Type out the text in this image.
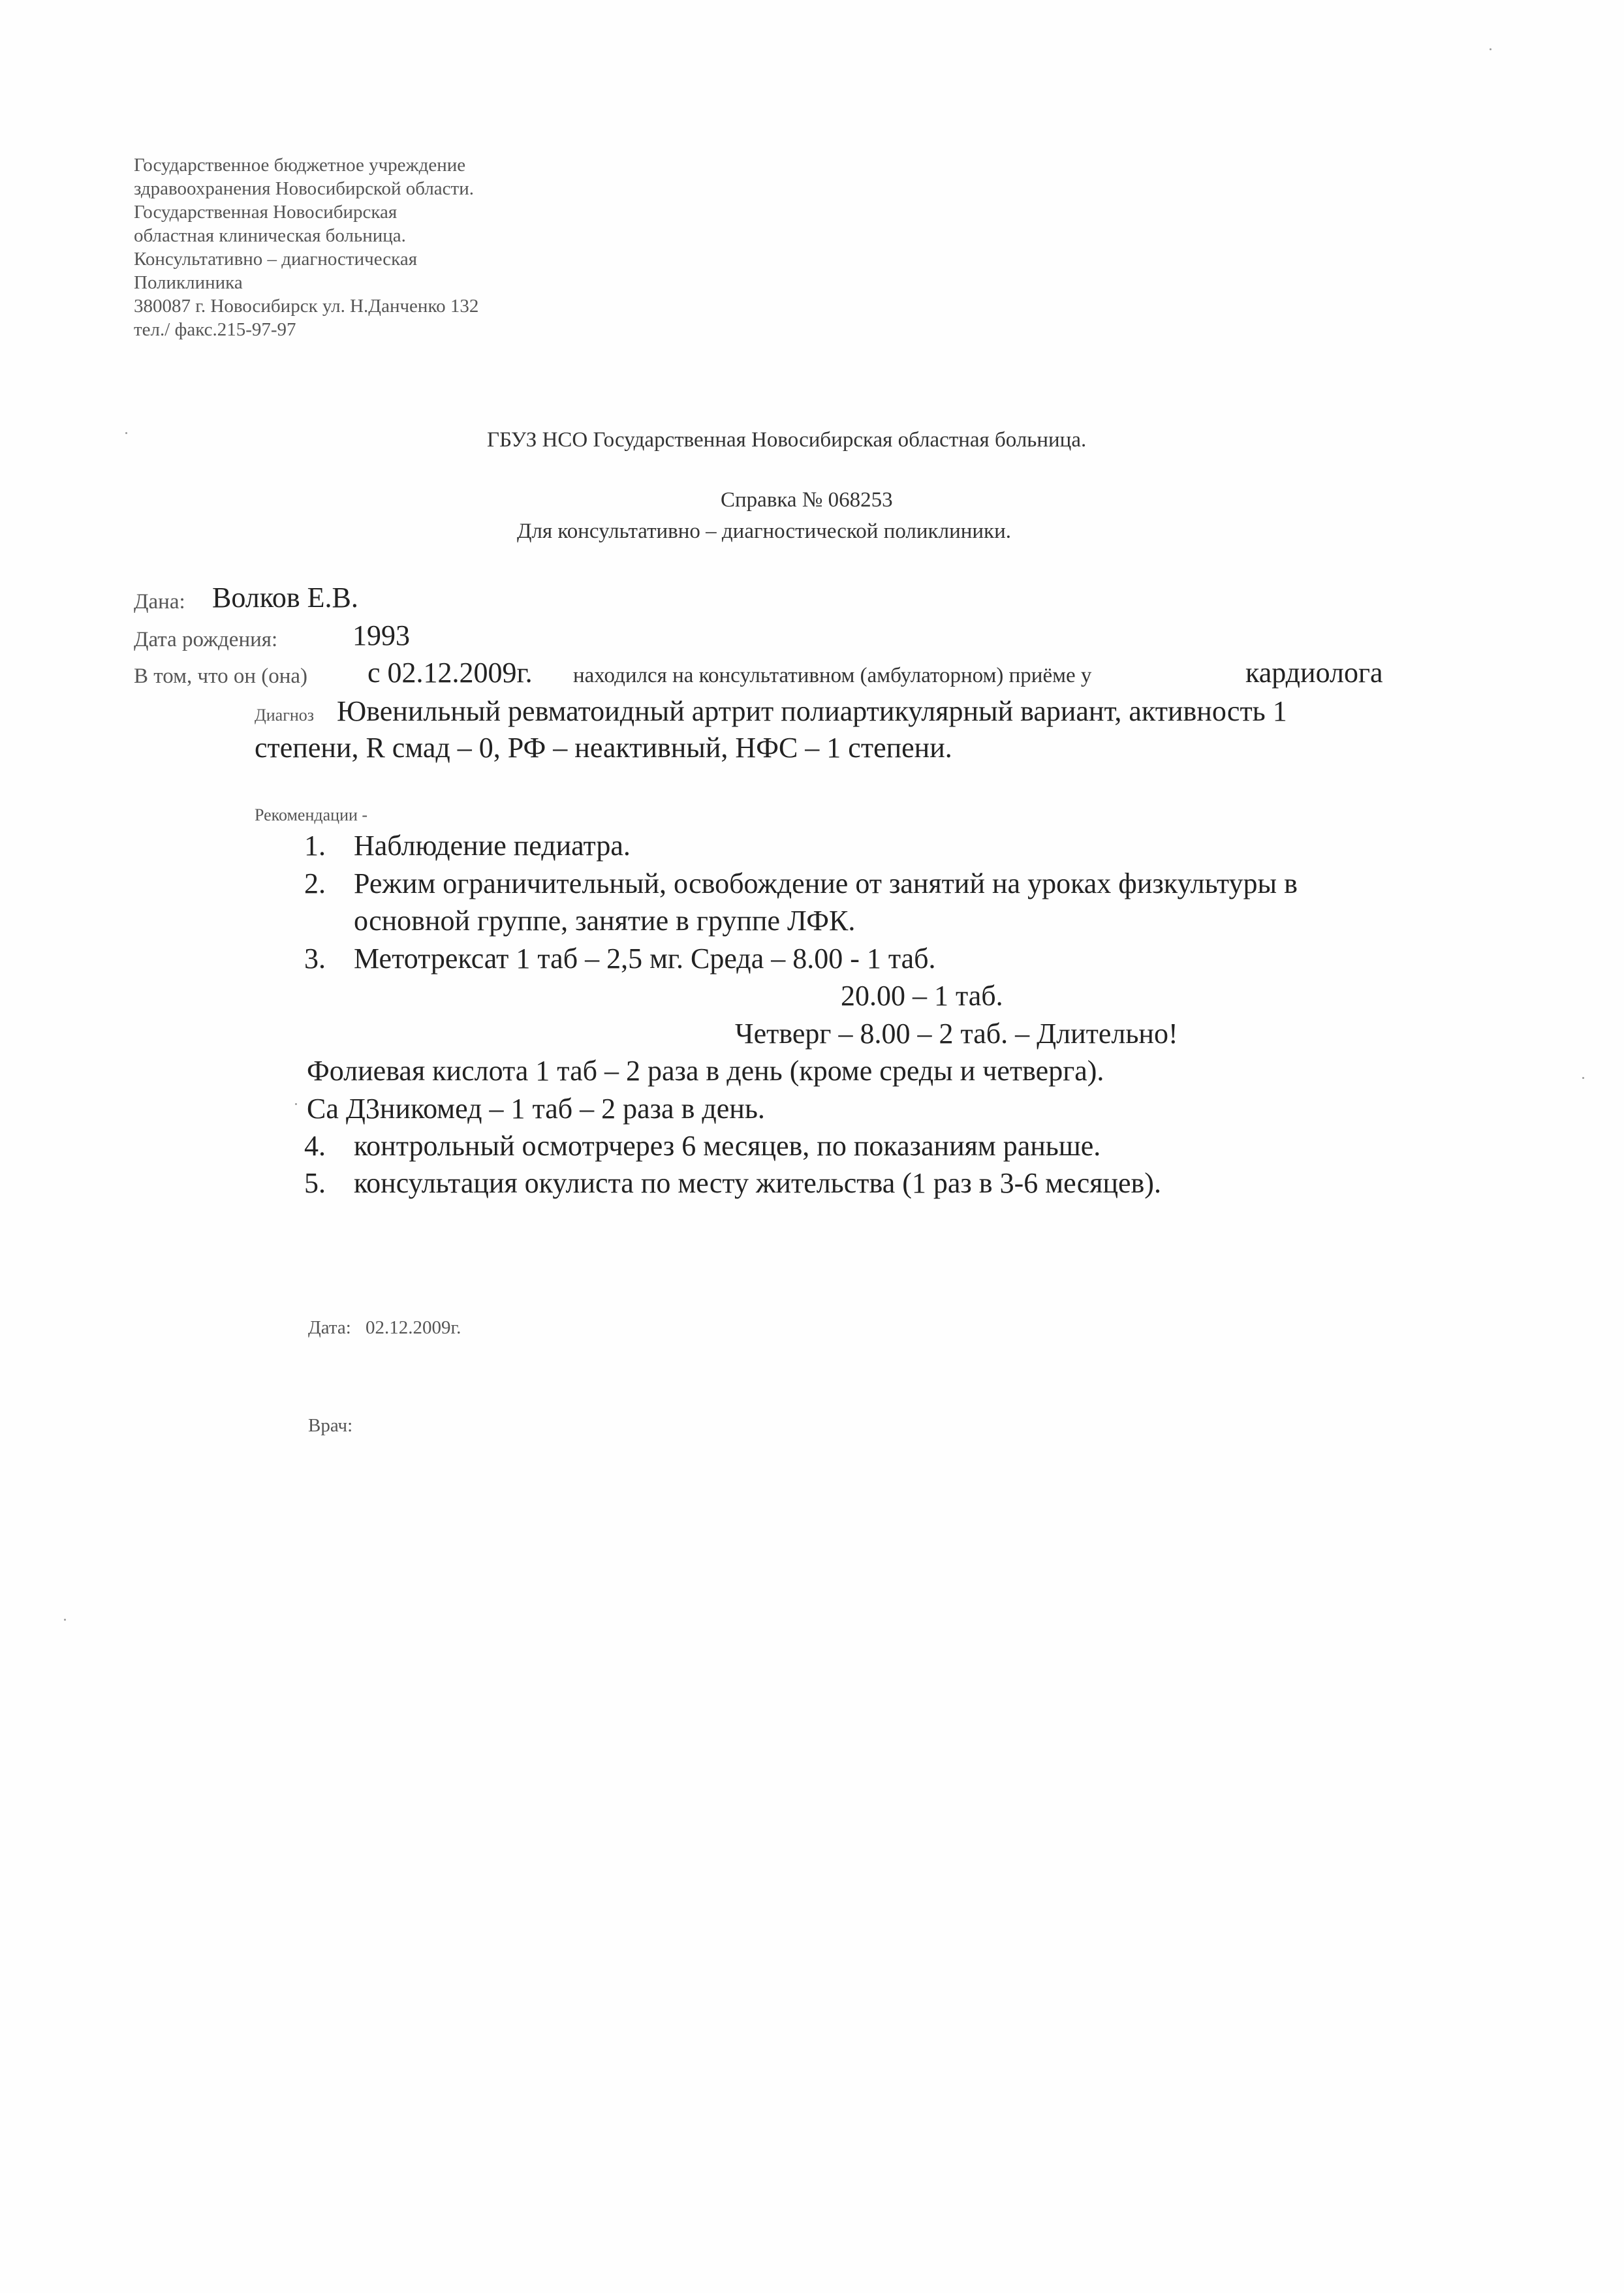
Государственное бюджетное учреждение
здравоохранения Новосибирской области.
Государственная Новосибирская
областная клиническая больница.
Консультативно – диагностическая
Поликлиника
380087 г. Новосибирск ул. Н.Данченко 132
тел./ факс.215-97-97
ГБУЗ НСО Государственная Новосибирская областная больница.
Справка № 068253
Для консультативно – диагностической поликлиники.
Дана: Волков Е.В.
Дата рождения:	1993
В том, что он (она) с 02.12.2009г. находился на консультативном (амбулаторном) приёме у	кардиолога
Диагноз Ювенильный ревматоидный артрит полиартикулярный вариант, активность 1
степени, R смад – 0, РФ – неактивный, НФС – 1 степени.
Рекомендации -
1. Наблюдение педиатра.
2. Режим ограничительный, освобождение от занятий на уроках физкультуры в
основной группе, занятие в группе ЛФК.
3. Метотрексат 1 таб – 2,5 мг. Среда – 8.00 - 1 таб.
20.00 – 1 таб.
Четверг – 8.00 – 2 таб. – Длительно!
Фолиевая кислота 1 таб – 2 раза в день (кроме среды и четверга).
Са Д3никомед – 1 таб – 2 раза в день.
4. контрольный осмотрчерез 6 месяцев, по показаниям раньше.
5. консультация окулиста по месту жительства (1 раз в 3-6 месяцев).
Дата: 02.12.2009г.
Врач:
